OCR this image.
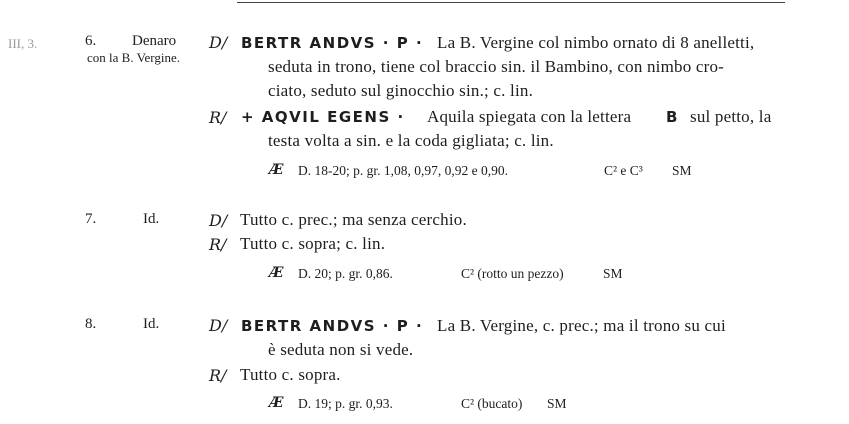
III, 3.	6. Denaro
con la B. Vergine.
D/ BERTR ANDVS · P · La B. Vergine col nimbo ornato di 8 anelletti,
seduta in trono, tiene col braccio sin. il Bambino, con nimbo cro-
ciato, seduto sul ginocchio sin.; c. lin.
R/ + AQVIL EGENS · Aquila spiegata con la lettera B sul petto, la
testa volta a sin. e la coda gigliata; c. lin.
Æ D. 18-20; p. gr. 1,08, 0,97, 0,92 e 0,90.	C² e C³ SM
7.	Id.	D/ Tutto c. prec.; ma senza cerchio.
R/ Tutto c. sopra; c. lin.
Æ D. 20; p. gr. 0,86.	C² (rotto un pezzo)	SM
8.	Id.	D/ BERTR ANDVS · P · La B. Vergine, c. prec.; ma il trono su cui
è seduta non si vede.
R/ Tutto c. sopra.
Æ D. 19; p. gr. 0,93.	C² (bucato) SM
